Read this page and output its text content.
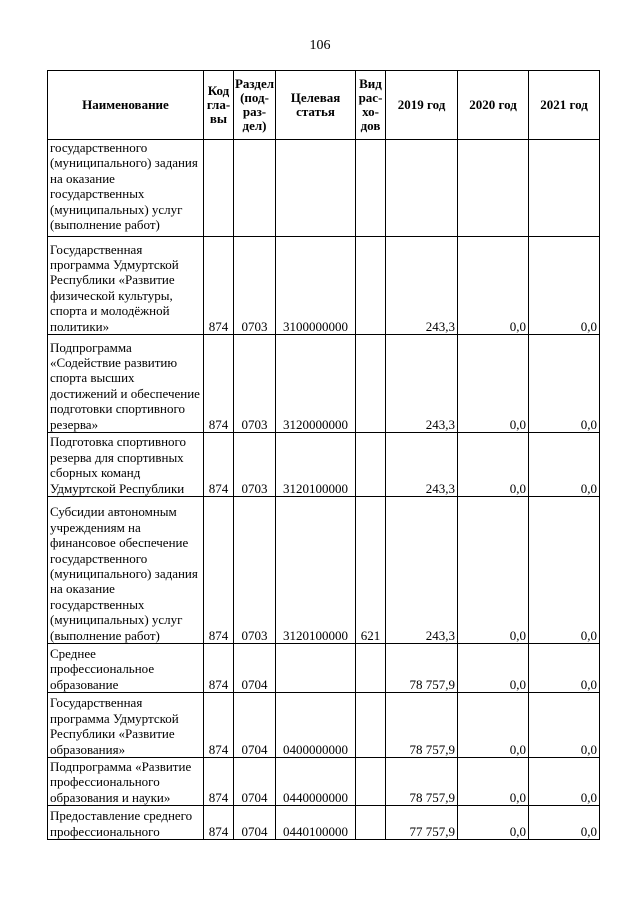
106
Наименование	Код гла-вы	Раздел (под-раз-дел)	Целевая статья	Вид рас-хо-дов	2019 год	2020 год	2021 год
государственного (муниципального) задания на оказание государственных (муниципальных) услуг (выполнение работ)							
Государственная программа Удмуртской Республики «Развитие физической культуры, спорта и молодёжной политики»	874	0703	3100000000		243,3	0,0	0,0
Подпрограмма «Содействие развитию спорта высших достижений и обеспечение подготовки спортивного резерва»	874	0703	3120000000		243,3	0,0	0,0
Подготовка спортивного резерва для спортивных сборных команд Удмуртской Республики	874	0703	3120100000		243,3	0,0	0,0
Субсидии автономным учреждениям на финансовое обеспечение государственного (муниципального) задания на оказание государственных (муниципальных) услуг (выполнение работ)	874	0703	3120100000	621	243,3	0,0	0,0
Среднее профессиональное образование	874	0704			78 757,9	0,0	0,0
Государственная программа Удмуртской Республики «Развитие образования»	874	0704	0400000000		78 757,9	0,0	0,0
Подпрограмма «Развитие профессионального образования и науки»	874	0704	0440000000		78 757,9	0,0	0,0
Предоставление среднего профессионального	874	0704	0440100000		77 757,9	0,0	0,0
